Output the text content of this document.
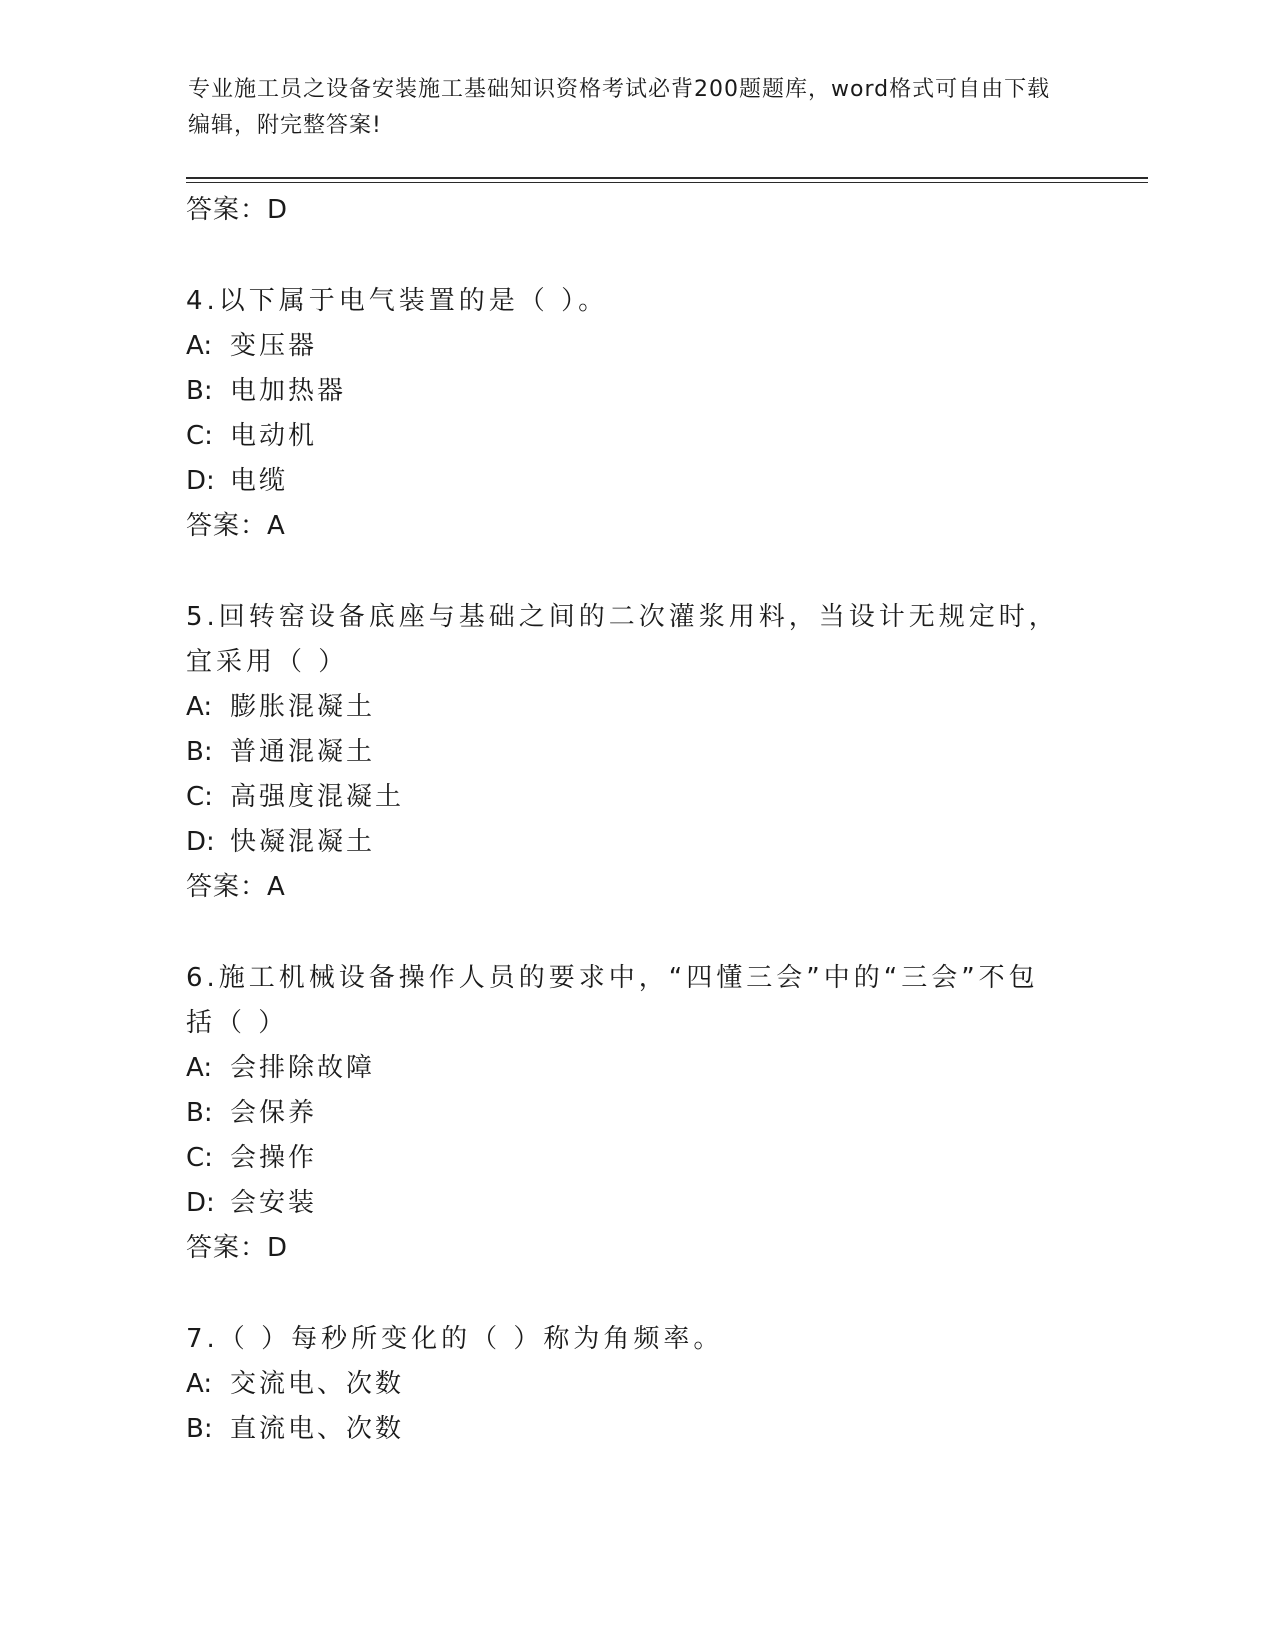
专业施工员之设备安装施工基础知识资格考试必背200题题库，word格式可自由下载编辑，附完整答案!
答案：D
4.以下属于电气装置的是（ ）。
A: 变压器
B: 电加热器
C: 电动机
D: 电缆
答案：A
5.回转窑设备底座与基础之间的二次灌浆用料，当设计无规定时，宜采用（ ）
A: 膨胀混凝土
B: 普通混凝土
C: 高强度混凝土
D: 快凝混凝土
答案：A
6.施工机械设备操作人员的要求中，“四懂三会”中的“三会”不包括（ ）
A: 会排除故障
B: 会保养
C: 会操作
D: 会安装
答案：D
7.（ ）每秒所变化的（ ）称为角频率。
A: 交流电、次数
B: 直流电、次数
